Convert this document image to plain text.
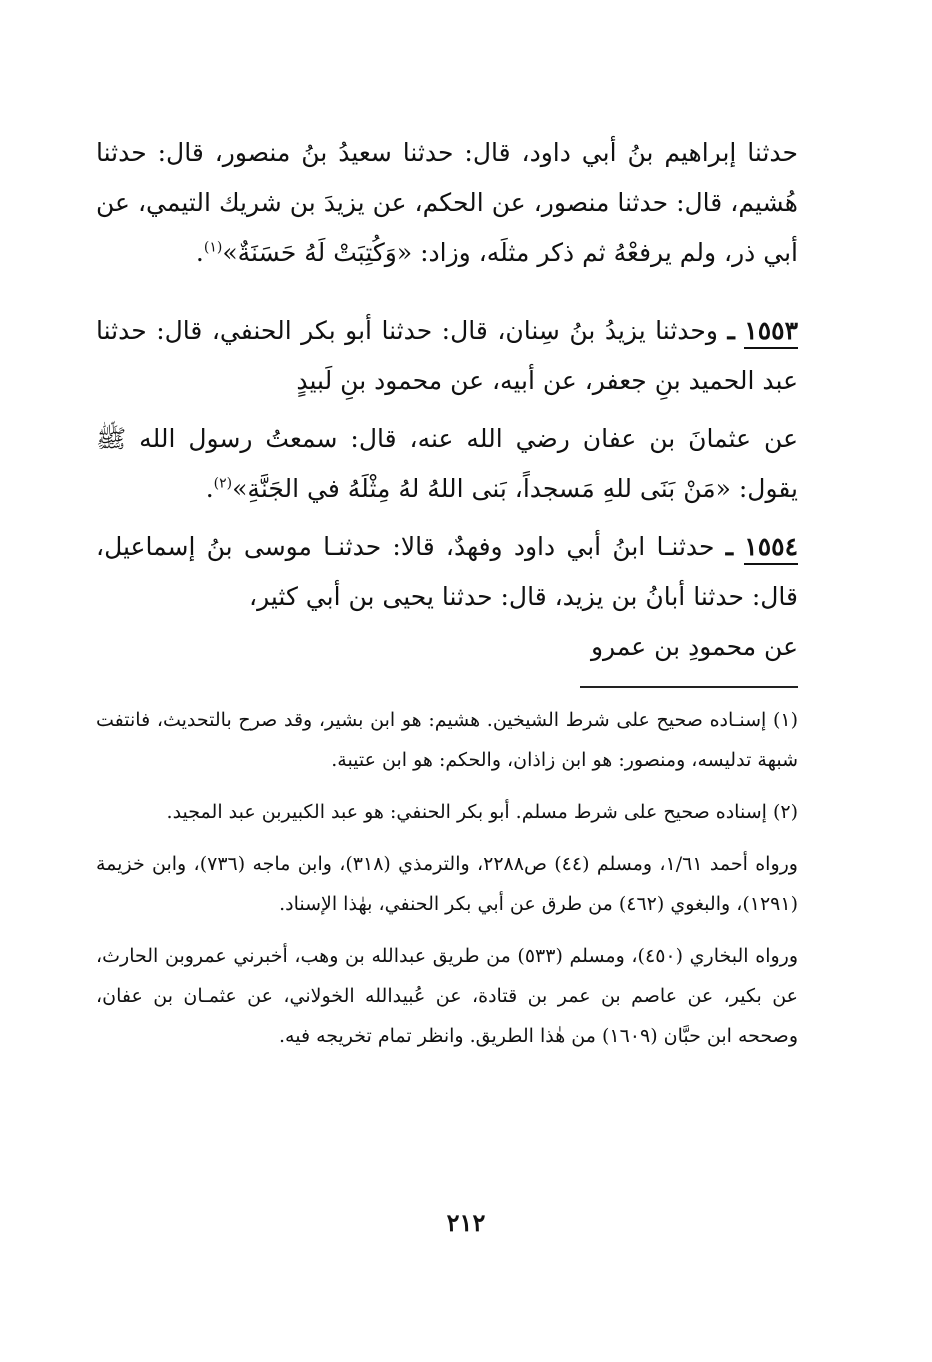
حدثنا إبراهيم بنُ أبي داود، قال: حدثنا سعيدُ بنُ منصور، قال: حدثنا هُشيم، قال: حدثنا منصور، عن الحكم، عن يزيدَ بن شريك التيمي، عن أبي ذر، ولم يرفعْهُ ثم ذكر مثلَه، وزاد: «وَكُتِبَتْ لَهُ حَسَنَةٌ»$^{(١)}$.

١٥٥٣ ـ وحدثنا يزيدُ بنُ سِنان، قال: حدثنا أبو بكر الحنفي، قال: حدثنا عبد الحميد بنِ جعفر، عن أبيه، عن محمود بنِ لَبيدٍ

عن عثمانَ بن عفان رضي الله عنه، قال: سمعتُ رسول الله ﷺ يقول: «مَنْ بَنَى للهِ مَسجداً، بَنى اللهُ لهُ مِثْلَهُ في الجَنَّةِ»$^{(٢)}$.

١٥٥٤ ـ حدثنـا ابنُ أبي داود وفهدٌ، قالا: حدثنـا موسى بنُ إسماعيل، قال: حدثنا أبانُ بن يزيد، قال: حدثنا يحيى بن أبي كثير،
عن محمودِ بن عمرو

(١) إسنـاده صحيح على شرط الشيخين. هشيم: هو ابن بشير، وقد صرح بالتحديث، فانتفت شبهة تدليسه، ومنصور: هو ابن زاذان، والحكم: هو ابن عتيبة.

(٢) إسناده صحيح على شرط مسلم. أبو بكر الحنفي: هو عبد الكبيربن عبد المجيد.

ورواه أحمد ١/٦١، ومسلم (٤٤) ص٢٢٨٨، والترمذي (٣١٨)، وابن ماجه (٧٣٦)، وابن خزيمة (١٢٩١)، والبغوي (٤٦٢) من طرق عن أبي بكر الحنفي، بهٰذا الإسناد.

ورواه البخاري (٤٥٠)، ومسلم (٥٣٣) من طريق عبدالله بن وهب، أخبرني عمروبن الحارث، عن بكير، عن عاصم بن عمر بن قتادة، عن عُبيدالله الخولاني، عن عثمـان بن عفان، وصححه ابن حبَّان (١٦٠٩) من هٰذا الطريق. وانظر تمام تخريجه فيه.

٢١٢
